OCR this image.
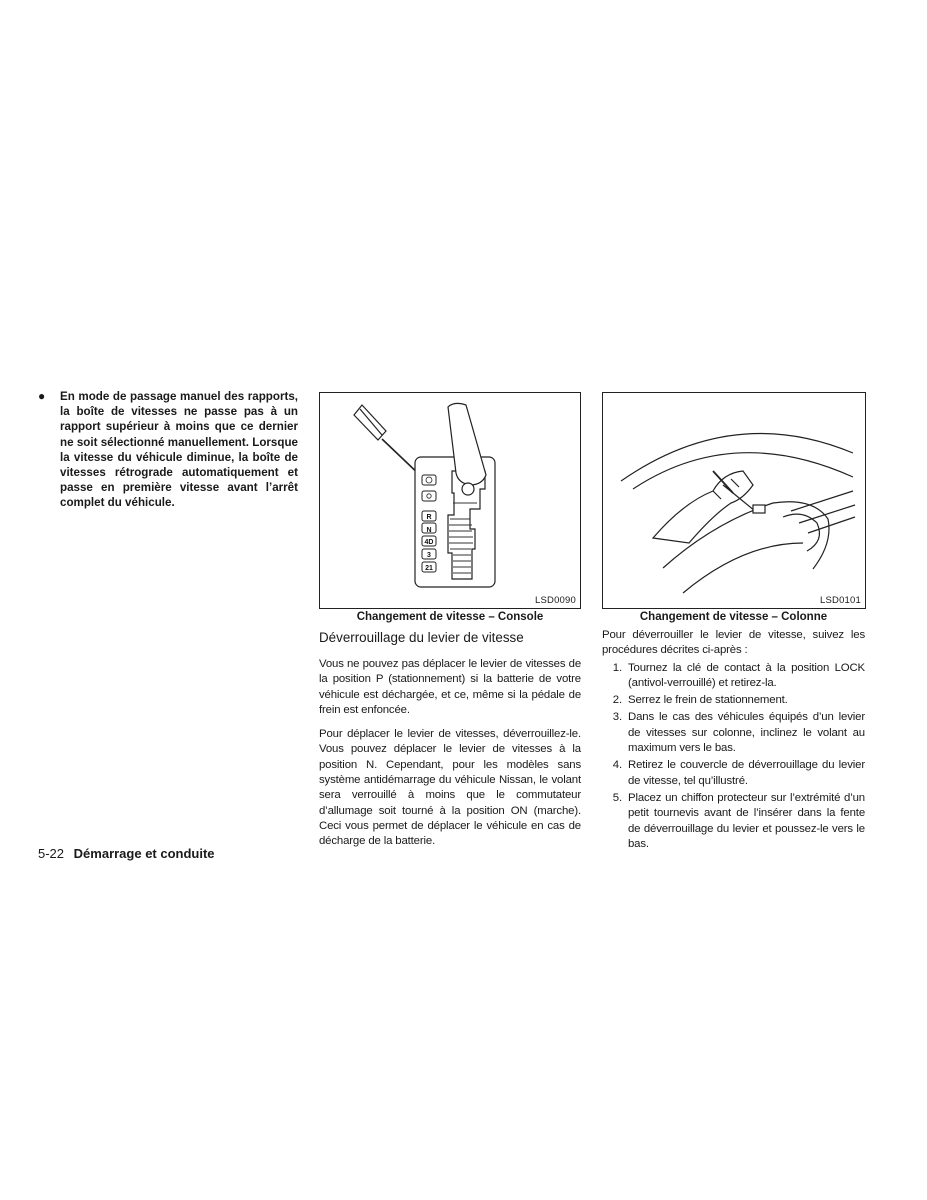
●	En mode de passage manuel des rapports, la boîte de vitesses ne passe pas à un rapport supérieur à moins que ce dernier ne soit sélectionné manuellement. Lorsque la vitesse du véhicule diminue, la boîte de vitesses rétrograde automatiquement et passe en première vitesse avant l’arrêt complet du véhicule.
R
N
4D
3
21
LSD0090
Changement de vitesse – Console
LSD0101
Changement de vitesse – Colonne
Déverrouillage du levier de vitesse

Vous ne pouvez pas déplacer le levier de vitesses de la position P (stationnement) si la batterie de votre véhicule est déchargée, et ce, même si la pédale de frein est enfoncée.

Pour déplacer le levier de vitesses, déverrouillez-le. Vous pouvez déplacer le levier de vitesses à la position N. Cependant, pour les modèles sans système antidémarrage du véhicule Nissan, le volant sera verrouillé à moins que le commutateur d’allumage soit tourné à la position ON (marche). Ceci vous permet de déplacer le véhicule en cas de décharge de la batterie.

Pour déverrouiller le levier de vitesse, suivez les procédures décrites ci-après :

1. Tournez la clé de contact à la position LOCK (antivol-verrouillé) et retirez-la.
2. Serrez le frein de stationnement.
3. Dans le cas des véhicules équipés d’un levier de vitesses sur colonne, inclinez le volant au maximum vers le bas.
4. Retirez le couvercle de déverrouillage du levier de vitesse, tel qu’illustré.
5. Placez un chiffon protecteur sur l’extrémité d’un petit tournevis avant de l’insérer dans la fente de déverrouillage du levier et poussez-le vers le bas.
5-22 Démarrage et conduite
